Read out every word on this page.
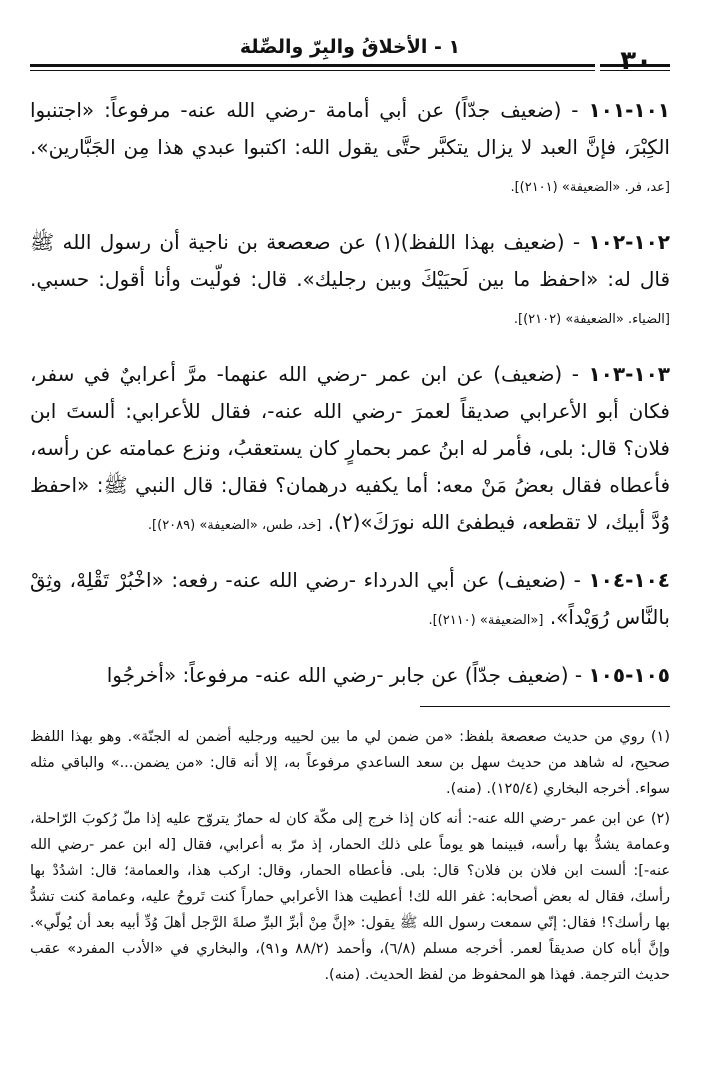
٣٠
١ - الأخلاقُ والبِرّ والصِّلة

١٠١-١٠١ - (ضعيف جدّاً) عن أبي أمامة -رضي الله عنه- مرفوعاً: «اجتنبوا الكِبْرَ، فإنَّ العبد لا يزال يتكبَّر حتَّى يقول الله: اكتبوا عبدي هذا مِن الجَبَّارين». [عد، فر. «الضعيفة» (٢١٠١)].

١٠٢-١٠٢ - (ضعيف بهذا اللفظ)(١) عن صعصعة بن ناجية أن رسول الله ﷺ قال له: «احفظ ما بين لَحيَيْكَ وبين رجليك». قال: فولّيت وأنا أقول: حسبي. [الضياء. «الضعيفة» (٢١٠٢)].

١٠٣-١٠٣ - (ضعيف) عن ابن عمر -رضي الله عنهما- مرَّ أعرابيٌ في سفر، فكان أبو الأعرابي صديقاً لعمرَ -رضي الله عنه-، فقال للأعرابي: ألستَ ابن فلان؟ قال: بلى، فأمر له ابنُ عمر بحمارٍ كان يستعقبُ، ونزع عمامته عن رأسه، فأعطاه فقال بعضُ مَنْ معه: أما يكفيه درهمان؟ فقال: قال النبي ﷺ: «احفظ وُدَّ أبيك، لا تقطعه، فيطفئ الله نورَكَ»(٢). [خد، طس، «الضعيفة» (٢٠٨٩)].

١٠٤-١٠٤ - (ضعيف) عن أبي الدرداء -رضي الله عنه- رفعه: «اخْبُرْ تَقْلِهْ، وثِقْ بالنَّاس رُوَيْداً». [«الضعيفة» (٢١١٠)].

١٠٥-١٠٥ - (ضعيف جدّاً) عن جابر -رضي الله عنه- مرفوعاً: «أخرجُوا

(١) روي من حديث صعصعة بلفظ: «من ضمن لي ما بين لحييه ورجليه أضمن له الجنّة». وهو بهذا اللفظ صحيح، له شاهد من حديث سهل بن سعد الساعدي مرفوعاً به، إلا أنه قال: «من يضمن...» والباقي مثله سواء. أخرجه البخاري (١٢٥/٤). (منه).

(٢) عن ابن عمر -رضي الله عنه-: أنه كان إذا خرج إلى مكّة كان له حمارٌ يتروّح عليه إذا ملّ رُكوبَ الرّاحلة، وعمامة يشدُّ بها رأسه، فبينما هو يوماً على ذلك الحمار، إذ مرّ به أعرابي، فقال [له ابن عمر -رضي الله عنه-]: ألست ابن فلان بن فلان؟ قال: بلى. فأعطاه الحمار، وقال: اركب هذا، والعمامة؛ قال: اشدُدْ بها رأسك، فقال له بعض أصحابه: غفر الله لك! أعطيت هذا الأعرابي حماراً كنت تَروحُ عليه، وعمامة كنت تشدُّ بها رأسك؟! فقال: إنّي سمعت رسول الله ﷺ يقول: «إنَّ مِنْ أبرِّ البرِّ صلةَ الرَّجل أهلَ وُدِّ أبيه بعد أن يُولّي». وإنَّ أباه كان صديقاً لعمر. أخرجه مسلم (٦/٨)، وأحمد (٨٨/٢ و٩١)، والبخاري في «الأدب المفرد» عقب حديث الترجمة. فهذا هو المحفوظ من لفظ الحديث. (منه).
